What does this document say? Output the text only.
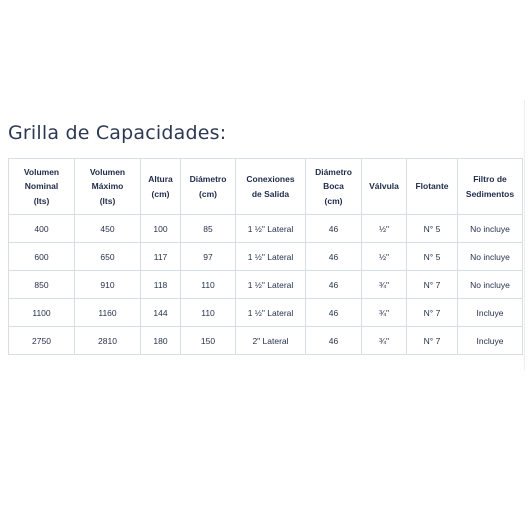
Grilla de Capacidades:
Volumen
Nominal
(lts)	Volumen
Máximo
(lts)	Altura
(cm)	Diámetro
(cm)	Conexiones
de Salida	Diámetro
Boca
(cm)	Válvula	Flotante	Filtro de
Sedimentos
400	450	100	85	1 ½" Lateral	46	½"	N° 5	No incluye
600	650	117	97	1 ½" Lateral	46	½"	N° 5	No incluye
850	910	118	110	1 ½" Lateral	46	¾"	N° 7	No incluye
1100	1160	144	110	1 ½" Lateral	46	¾"	N° 7	Incluye
2750	2810	180	150	2" Lateral	46	¾"	N° 7	Incluye
